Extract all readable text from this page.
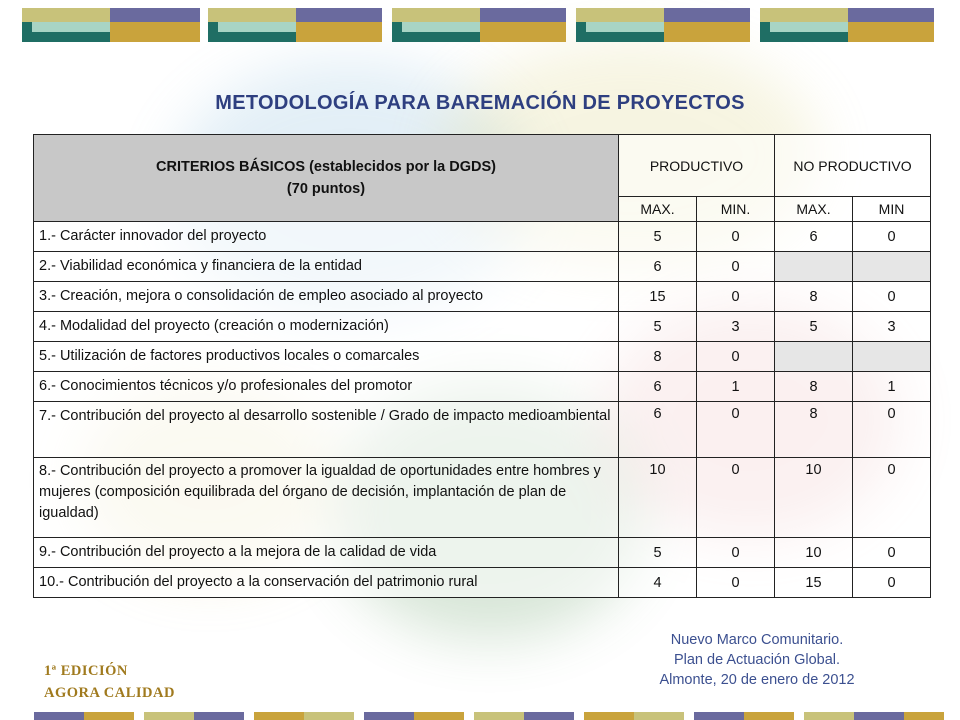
METODOLOGÍA PARA BAREMACIÓN DE PROYECTOS
CRITERIOS BÁSICOS (establecidos por la DGDS)
(70 puntos)	PRODUCTIVO		NO PRODUCTIVO	
	MAX.	MIN.	MAX.	MIN
1.- Carácter innovador del proyecto	5	0	6	0
2.- Viabilidad económica y financiera de la entidad	6	0		
3.- Creación, mejora o consolidación de empleo asociado al proyecto	15	0	8	0
4.- Modalidad del proyecto (creación o modernización)	5	3	5	3
5.- Utilización de factores productivos locales o comarcales	8	0		
6.- Conocimientos técnicos y/o profesionales del promotor	6	1	8	1
7.- Contribución del proyecto al desarrollo sostenible / Grado de impacto medioambiental	6	0	8	0
8.- Contribución del proyecto a promover la igualdad de oportunidades entre hombres y mujeres (composición equilibrada del órgano de decisión, implantación de plan de igualdad)	10	0	10	0
9.- Contribución del proyecto a la mejora de la calidad de vida	5	0	10	0
10.- Contribución del proyecto a la conservación del patrimonio rural	4	0	15	0
1ª EDICIÓN
AGORA CALIDAD
Nuevo Marco Comunitario.
Plan de Actuación Global.
Almonte, 20 de enero de 2012
